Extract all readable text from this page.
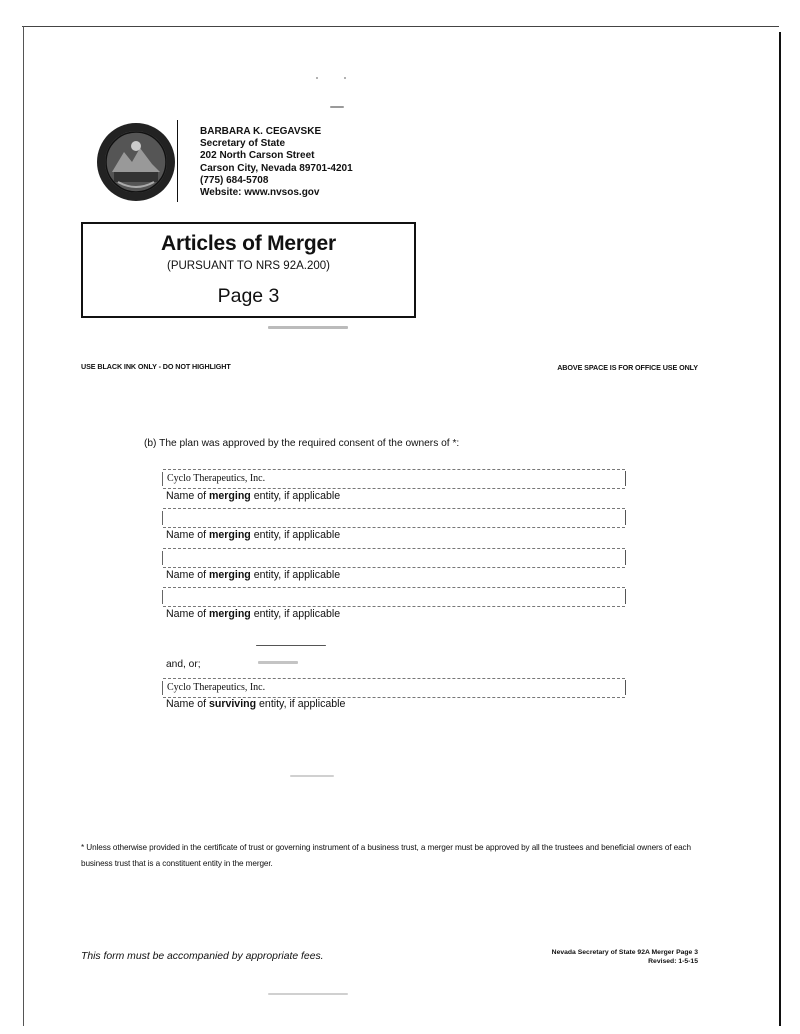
BARBARA K. CEGAVSKE
Secretary of State
202 North Carson Street
Carson City, Nevada 89701-4201
(775) 684-5708
Website: www.nvsos.gov
Articles of Merger
(PURSUANT TO NRS 92A.200)
Page 3
USE BLACK INK ONLY - DO NOT HIGHLIGHT	ABOVE SPACE IS FOR OFFICE USE ONLY
(b) The plan was approved by the required consent of the owners of *:
Cyclo Therapeutics, Inc.
Name of merging entity, if applicable
Name of merging entity, if applicable
Name of merging entity, if applicable
Name of merging entity, if applicable
and, or;
Cyclo Therapeutics, Inc.
Name of surviving entity, if applicable
* Unless otherwise provided in the certificate of trust or governing instrument of a business trust, a merger must be approved by all the trustees and beneficial owners of each business trust that is a constituent entity in the merger.
This form must be accompanied by appropriate fees.	Nevada Secretary of State 92A Merger Page 3
Revised: 1-5-15
